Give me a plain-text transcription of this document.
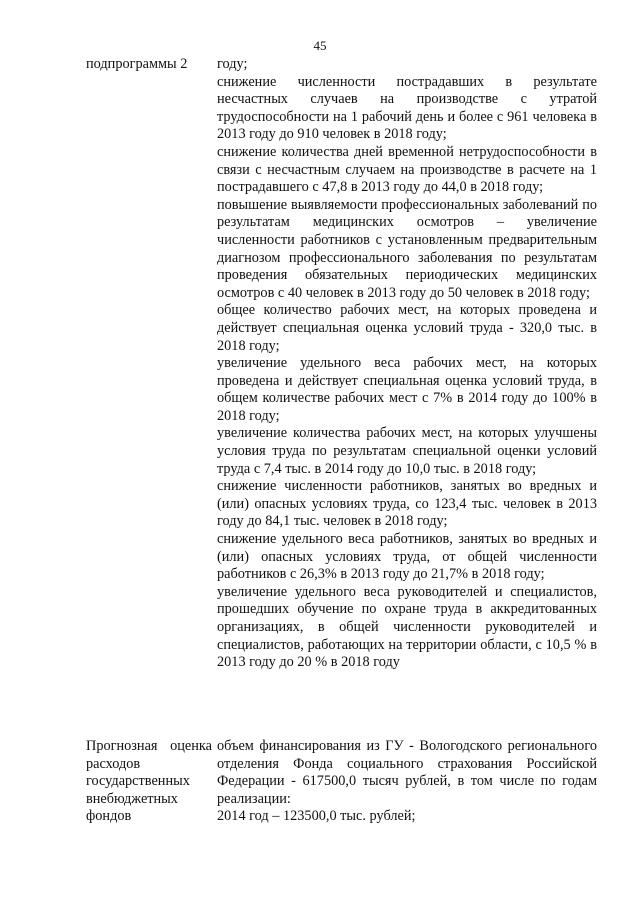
45
подпрограммы 2	году;

снижение численности пострадавших в результате несчастных случаев на производстве с утратой трудоспособности на 1 рабочий день и более с 961 человека в 2013 году до 910 человек в 2018 году;

снижение количества дней временной нетрудоспособности в связи с несчастным случаем на производстве в расчете на 1 пострадавшего с 47,8 в 2013 году до 44,0 в 2018 году;

повышение выявляемости профессиональных заболеваний по результатам медицинских осмотров – увеличение численности работников с установленным предварительным диагнозом профессионального заболевания по результатам проведения обязательных периодических медицинских осмотров с 40 человек в 2013 году до 50 человек в 2018 году;

общее количество рабочих мест, на которых проведена и действует специальная оценка условий труда - 320,0 тыс. в 2018 году;

увеличение удельного веса рабочих мест, на которых проведена и действует специальная оценка условий труда, в общем количестве рабочих мест с 7% в 2014 году до 100% в 2018 году;

увеличение количества рабочих мест, на которых улучшены условия труда по результатам специальной оценки условий труда с 7,4 тыс. в 2014 году до 10,0 тыс. в 2018 году;

снижение численности работников, занятых во вредных и (или) опасных условиях труда, со 123,4 тыс. человек в 2013 году до 84,1 тыс. человек в 2018 году;

снижение удельного веса работников, занятых во вредных и (или) опасных условиях труда, от общей численности работников с 26,3% в 2013 году до 21,7% в 2018 году;

увеличение удельного веса руководителей и специалистов, прошедших обучение по охране труда в аккредитованных организациях, в общей численности руководителей и специалистов, работающих на территории области, с 10,5 % в 2013 году до 20 % в 2018 году

Прогнозная оценка расходов государственных внебюджетных фондов

объем финансирования из ГУ - Вологодского регионального отделения Фонда социального страхования Российской Федерации - 617500,0 тысяч рублей, в том числе по годам реализации:

2014 год – 123500,0 тыс. рублей;
